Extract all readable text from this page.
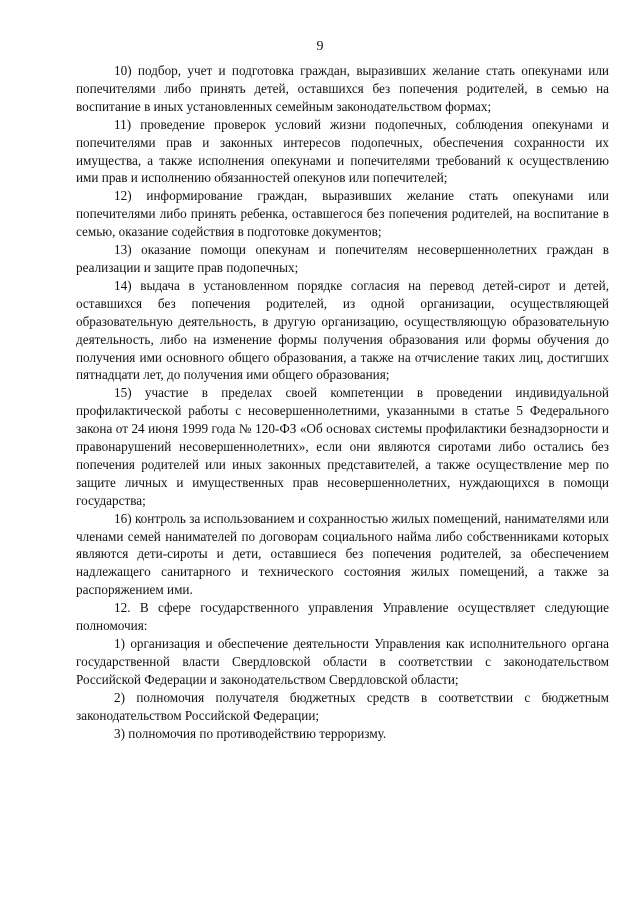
9

10) подбор, учет и подготовка граждан, выразивших желание стать опекунами или попечителями либо принять детей, оставшихся без попечения родителей, в семью на воспитание в иных установленных семейным законодательством формах;

11) проведение проверок условий жизни подопечных, соблюдения опекунами и попечителями прав и законных интересов подопечных, обеспечения сохранности их имущества, а также исполнения опекунами и попечителями требований к осуществлению ими прав и исполнению обязанностей опекунов или попечителей;

12) информирование граждан, выразивших желание стать опекунами или попечителями либо принять ребенка, оставшегося без попечения родителей, на воспитание в семью, оказание содействия в подготовке документов;

13) оказание помощи опекунам и попечителям несовершеннолетних граждан в реализации и защите прав подопечных;

14) выдача в установленном порядке согласия на перевод детей-сирот и детей, оставшихся без попечения родителей, из одной организации, осуществляющей образовательную деятельность, в другую организацию, осуществляющую образовательную деятельность, либо на изменение формы получения образования или формы обучения до получения ими основного общего образования, а также на отчисление таких лиц, достигших пятнадцати лет, до получения ими общего образования;

15) участие в пределах своей компетенции в проведении индивидуальной профилактической работы с несовершеннолетними, указанными в статье 5 Федерального закона от 24 июня 1999 года № 120-ФЗ «Об основах системы профилактики безнадзорности и правонарушений несовершеннолетних», если они являются сиротами либо остались без попечения родителей или иных законных представителей, а также осуществление мер по защите личных и имущественных прав несовершеннолетних, нуждающихся в помощи государства;

16) контроль за использованием и сохранностью жилых помещений, нанимателями или членами семей нанимателей по договорам социального найма либо собственниками которых являются дети-сироты и дети, оставшиеся без попечения родителей, за обеспечением надлежащего санитарного и технического состояния жилых помещений, а также за распоряжением ими.

12. В сфере государственного управления Управление осуществляет следующие полномочия:

1) организация и обеспечение деятельности Управления как исполнительного органа государственной власти Свердловской области в соответствии с законодательством Российской Федерации и законодательством Свердловской области;

2) полномочия получателя бюджетных средств в соответствии с бюджетным законодательством Российской Федерации;

3) полномочия по противодействию терроризму.
